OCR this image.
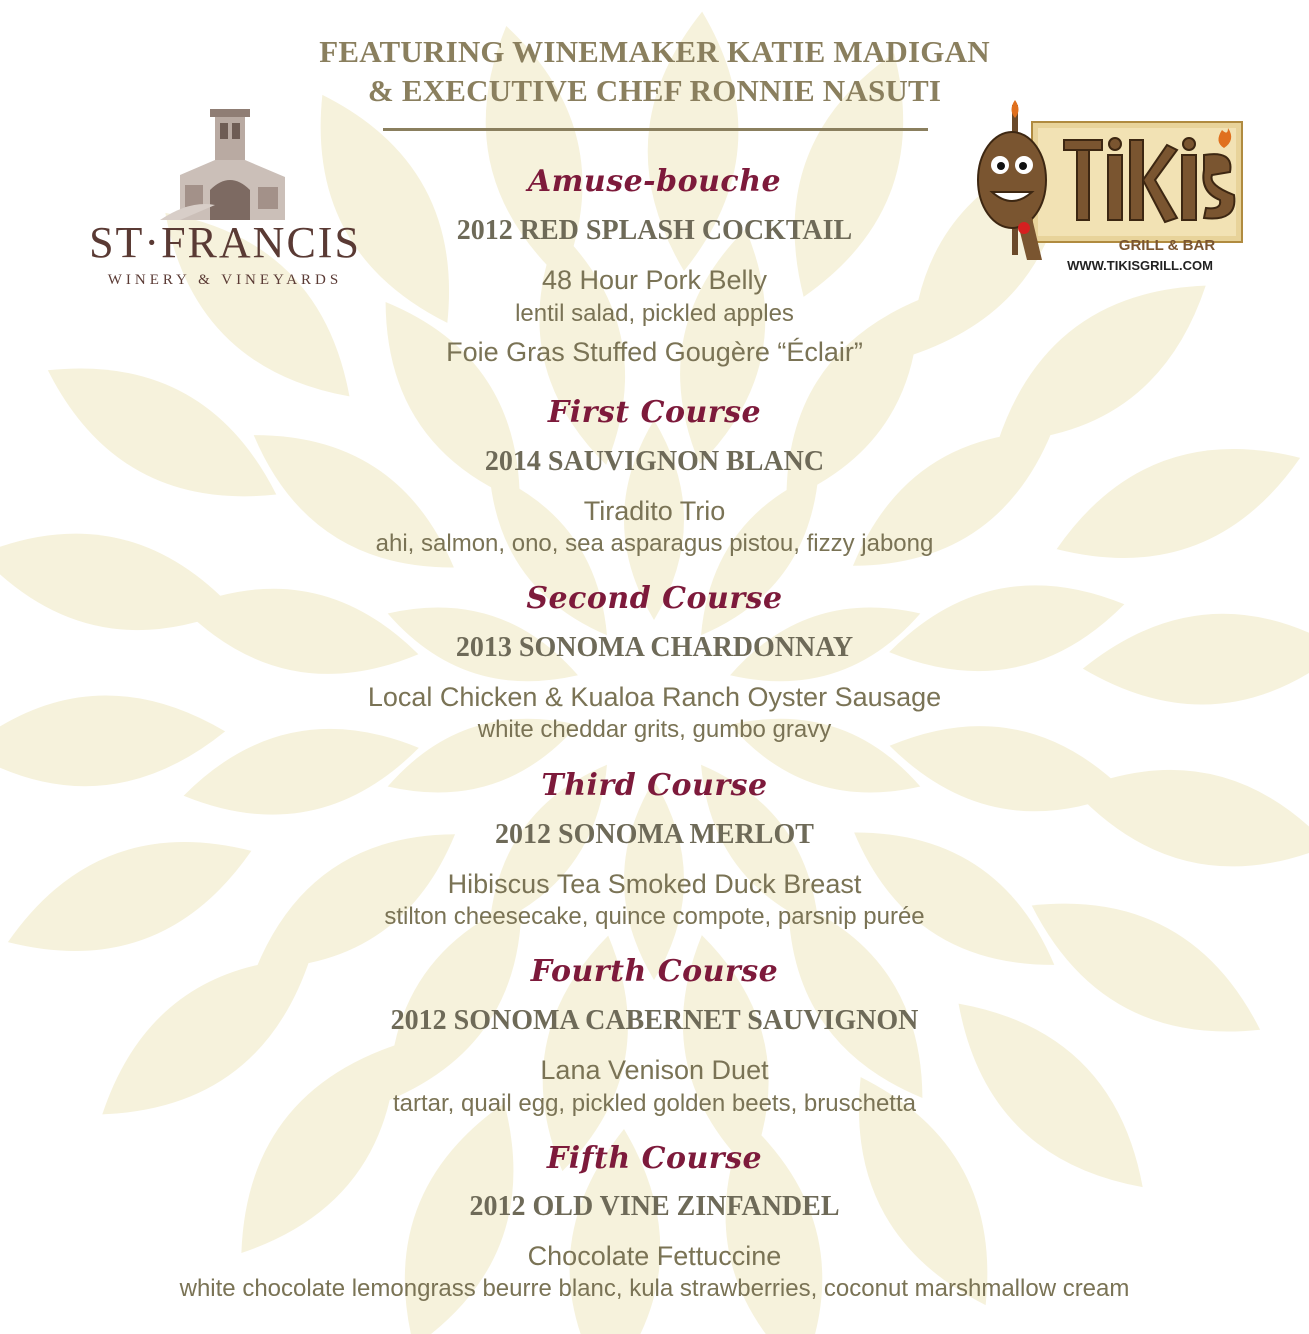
FEATURING WINEMAKER KATIE MADIGAN
& EXECUTIVE CHEF RONNIE NASUTI
ST·FRANCIS
WINERY & VINEYARDS
GRILL & BAR
WWW.TIKISGRILL.COM
Amuse-bouche
2012 RED SPLASH COCKTAIL
48 Hour Pork Belly
lentil salad, pickled apples
Foie Gras Stuffed Gougère “Éclair”
First Course
2014 SAUVIGNON BLANC
Tiradito Trio
ahi, salmon, ono, sea asparagus pistou, fizzy jabong
Second Course
2013 SONOMA CHARDONNAY
Local Chicken & Kualoa Ranch Oyster Sausage
white cheddar grits, gumbo gravy
Third Course
2012 SONOMA MERLOT
Hibiscus Tea Smoked Duck Breast
stilton cheesecake, quince compote, parsnip purée
Fourth Course
2012 SONOMA CABERNET SAUVIGNON
Lana Venison Duet
tartar, quail egg, pickled golden beets, bruschetta
Fifth Course
2012 OLD VINE ZINFANDEL
Chocolate Fettuccine
white chocolate lemongrass beurre blanc, kula strawberries, coconut marshmallow cream
